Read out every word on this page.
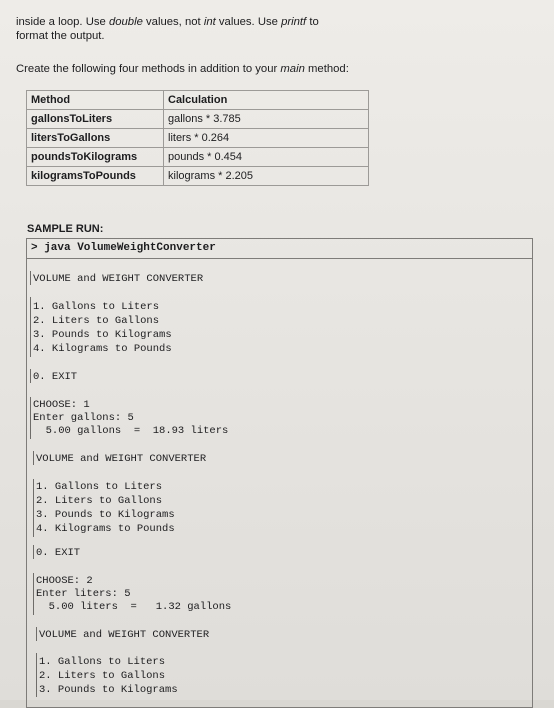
inside a loop. Use double values, not int values. Use printf to

format the output.

Create the following four methods in addition to your main method:
Method	Calculation
gallonsToLiters	gallons * 3.785
litersToGallons	liters * 0.264
poundsToKilograms	pounds * 0.454
kilogramsToPounds	kilograms * 2.205
SAMPLE RUN:
> java VolumeWeightConverter
VOLUME and WEIGHT CONVERTER
1. Gallons to Liters
2. Liters to Gallons
3. Pounds to Kilograms
4. Kilograms to Pounds
0. EXIT
CHOOSE: 1
Enter gallons: 5
5.00 gallons  =  18.93 liters
VOLUME and WEIGHT CONVERTER
1. Gallons to Liters
2. Liters to Gallons
3. Pounds to Kilograms
4. Kilograms to Pounds
0. EXIT
CHOOSE: 2
Enter liters: 5
5.00 liters  =   1.32 gallons
VOLUME and WEIGHT CONVERTER
1. Gallons to Liters
2. Liters to Gallons
3. Pounds to Kilograms
